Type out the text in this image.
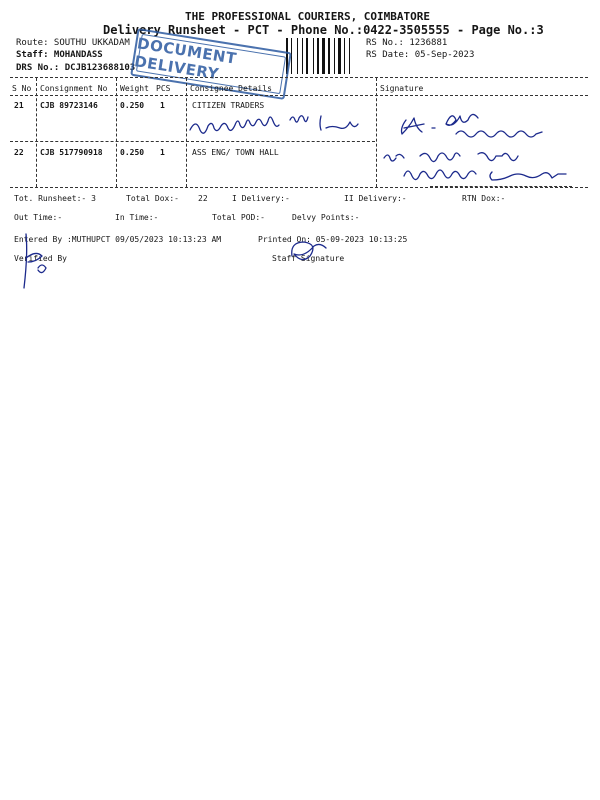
THE PROFESSIONAL COURIERS, COIMBATORE
Delivery Runsheet - PCT - Phone No.:0422-3505555 - Page No.:3
Route: SOUTHU UKKADAM
Staff: MOHANDASS
DRS No.: DCJB123688103
RS No.: 1236881
RS Date: 05-Sep-2023
DOCUMENT DELIVERY
S No Consignment No Weight PCS Consignee Details	Signature
21 CJB 89723146	0.250 1	CITIZEN TRADERS
22 CJB 517790918 0.250 1	ASS ENG/ TOWN HALL
Tot. Runsheet:- 3	Total Dox:- 22	I Delivery:-	II Delivery:-	RTN Dox:-
Out Time:-	In Time:-	Total POD:-	Delvy Points:-
Entered By :MUTHUPCT 09/05/2023 10:13:23 AM	Printed On: 05-09-2023 10:13:25
Verified By	Staff Signature
